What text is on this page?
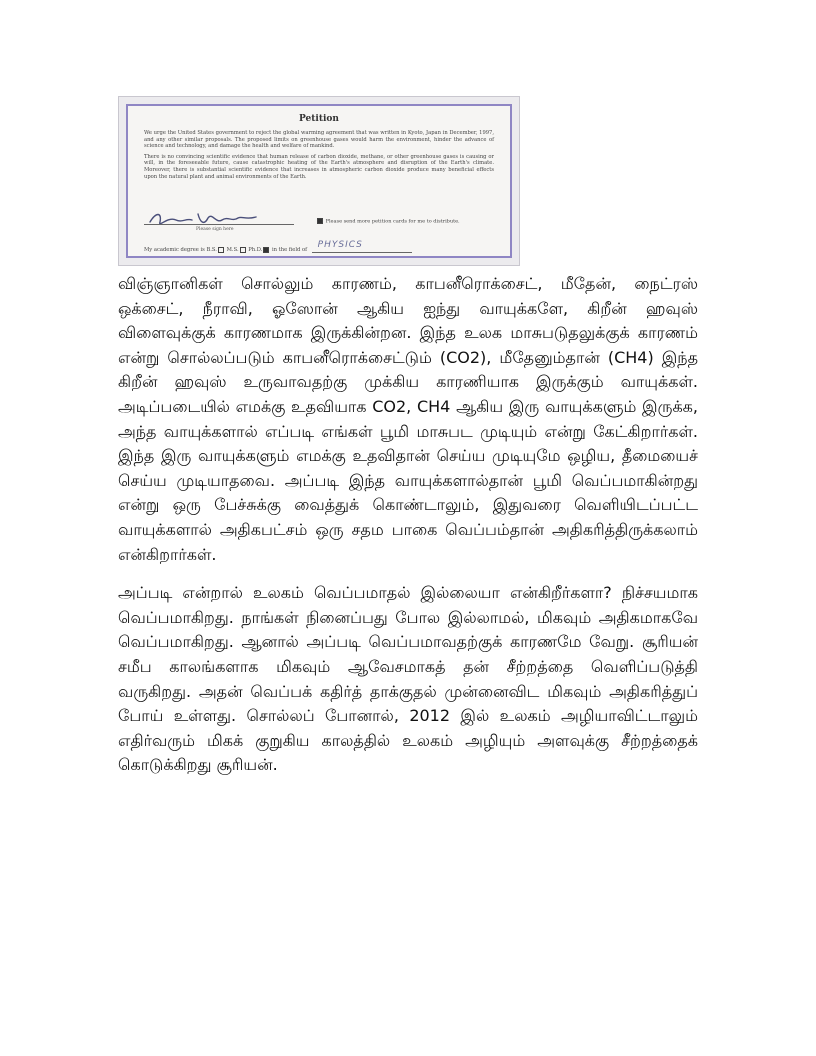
Petition

We urge the United States government to reject the global warming agreement that was written in Kyoto, Japan in December, 1997, and any other similar proposals. The proposed limits on greenhouse gases would harm the environment, hinder the advance of science and technology, and damage the health and welfare of mankind.

There is no convincing scientific evidence that human release of carbon dioxide, methane, or other greenhouse gases is causing or will, in the foreseeable future, cause catastrophic heating of the Earth's atmosphere and disruption of the Earth's climate. Moreover, there is substantial scientific evidence that increases in atmospheric carbon dioxide produce many beneficial effects upon the natural plant and animal environments of the Earth.

Please sign here
Please send more petition cards for me to distribute.
My academic degree is B.S. M.S. Ph.D. in the field of PHYSICS

விஞ்ஞானிகள் சொல்லும் காரணம், காபனீரொக்சைட், மீதேன், நைட்ரஸ் ஒக்சைட், நீராவி, ஓஸோன் ஆகிய ஐந்து வாயுக்களே, கிறீன் ஹவுஸ் விளைவுக்குக் காரணமாக இருக்கின்றன. இந்த உலக மாசுபடுதலுக்குக் காரணம் என்று சொல்லப்படும் காபனீரொக்சைட்டும் (CO2), மீதேனும்தான் (CH4) இந்த கிறீன் ஹவுஸ் உருவாவதற்கு முக்கிய காரணியாக இருக்கும் வாயுக்கள். அடிப்படையில் எமக்கு உதவியாக CO2, CH4 ஆகிய இரு வாயுக்களும் இருக்க, அந்த வாயுக்களால் எப்படி எங்கள் பூமி மாசுபட முடியும் என்று கேட்கிறார்கள். இந்த இரு வாயுக்களும் எமக்கு உதவிதான் செய்ய முடியுமே ஒழிய, தீமையைச் செய்ய முடியாதவை. அப்படி இந்த வாயுக்களால்தான் பூமி வெப்பமாகின்றது என்று ஒரு பேச்சுக்கு வைத்துக் கொண்டாலும், இதுவரை வெளியிடப்பட்ட வாயுக்களால் அதிகபட்சம் ஒரு சதம பாகை வெப்பம்தான் அதிகரித்திருக்கலாம் என்கிறார்கள்.

அப்படி என்றால் உலகம் வெப்பமாதல் இல்லையா என்கிறீர்களா? நிச்சயமாக வெப்பமாகிறது. நாங்கள் நினைப்பது போல இல்லாமல், மிகவும் அதிகமாகவே வெப்பமாகிறது. ஆனால் அப்படி வெப்பமாவதற்குக் காரணமே வேறு. சூரியன் சமீப காலங்களாக மிகவும் ஆவேசமாகத் தன் சீற்றத்தை வெளிப்படுத்தி வருகிறது. அதன் வெப்பக் கதிர்த் தாக்குதல் முன்னைவிட மிகவும் அதிகரித்துப் போய் உள்ளது. சொல்லப் போனால், 2012 இல் உலகம் அழியாவிட்டாலும் எதிர்வரும் மிகக் குறுகிய காலத்தில் உலகம் அழியும் அளவுக்கு சீற்றத்தைக் கொடுக்கிறது சூரியன்.
